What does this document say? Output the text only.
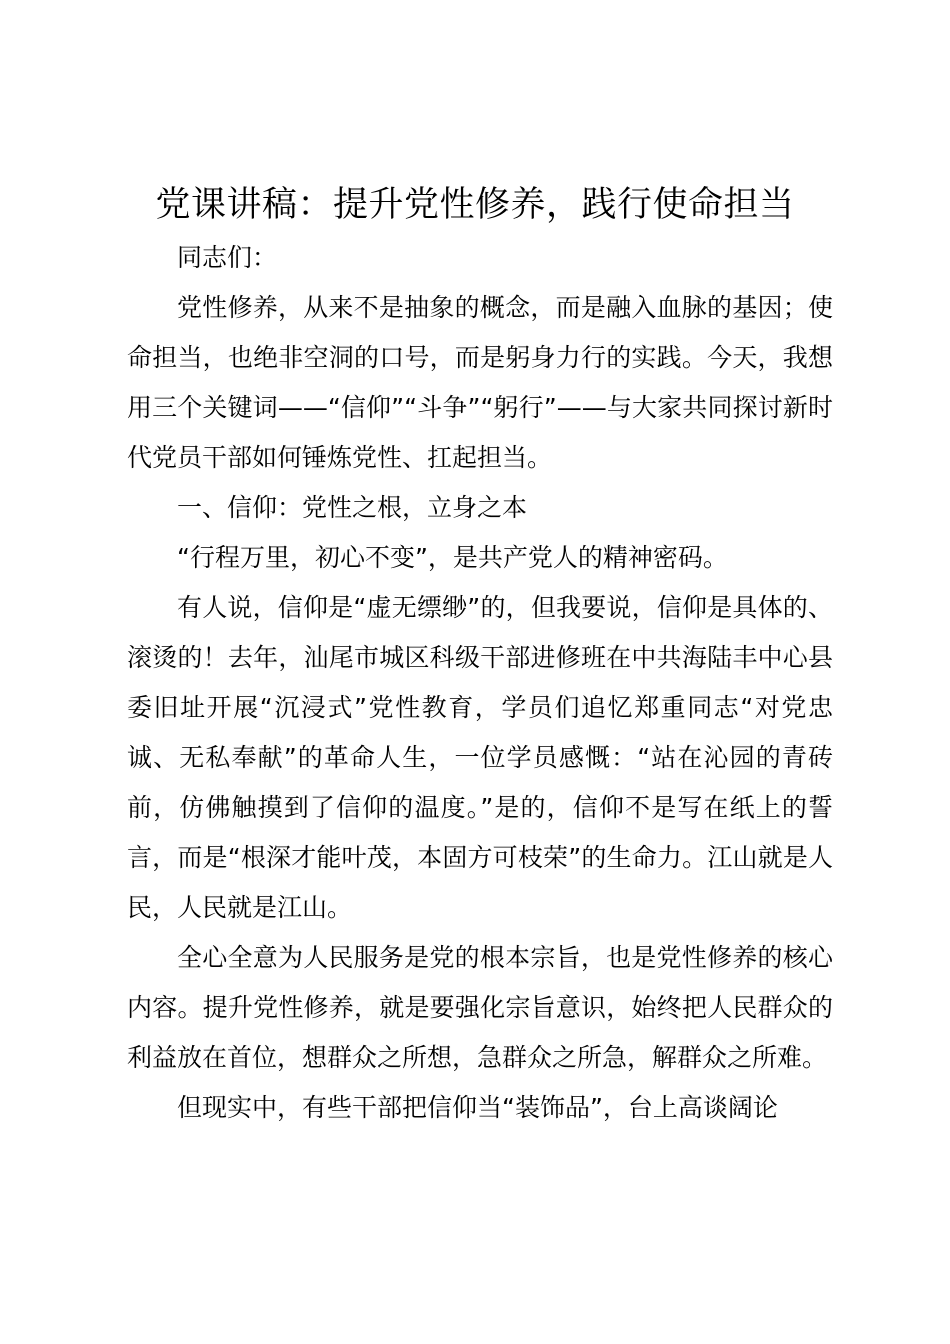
党课讲稿：提升党性修养，践行使命担当

同志们：

党性修养，从来不是抽象的概念，而是融入血脉的基因；使命担当，也绝非空洞的口号，而是躬身力行的实践。今天，我想用三个关键词——“信仰”“斗争”“躬行”——与大家共同探讨新时代党员干部如何锤炼党性、扛起担当。

一、信仰：党性之根，立身之本

“行程万里，初心不变”，是共产党人的精神密码。

有人说，信仰是“虚无缥缈”的，但我要说，信仰是具体的、滚烫的！去年，汕尾市城区科级干部进修班在中共海陆丰中心县委旧址开展“沉浸式”党性教育，学员们追忆郑重同志“对党忠诚、无私奉献”的革命人生，一位学员感慨：“站在沁园的青砖前，仿佛触摸到了信仰的温度。”是的，信仰不是写在纸上的誓言，而是“根深才能叶茂，本固方可枝荣”的生命力。江山就是人民，人民就是江山。

全心全意为人民服务是党的根本宗旨，也是党性修养的核心内容。提升党性修养，就是要强化宗旨意识，始终把人民群众的利益放在首位，想群众之所想，急群众之所急，解群众之所难。

但现实中，有些干部把信仰当“装饰品”，台上高谈阔论
